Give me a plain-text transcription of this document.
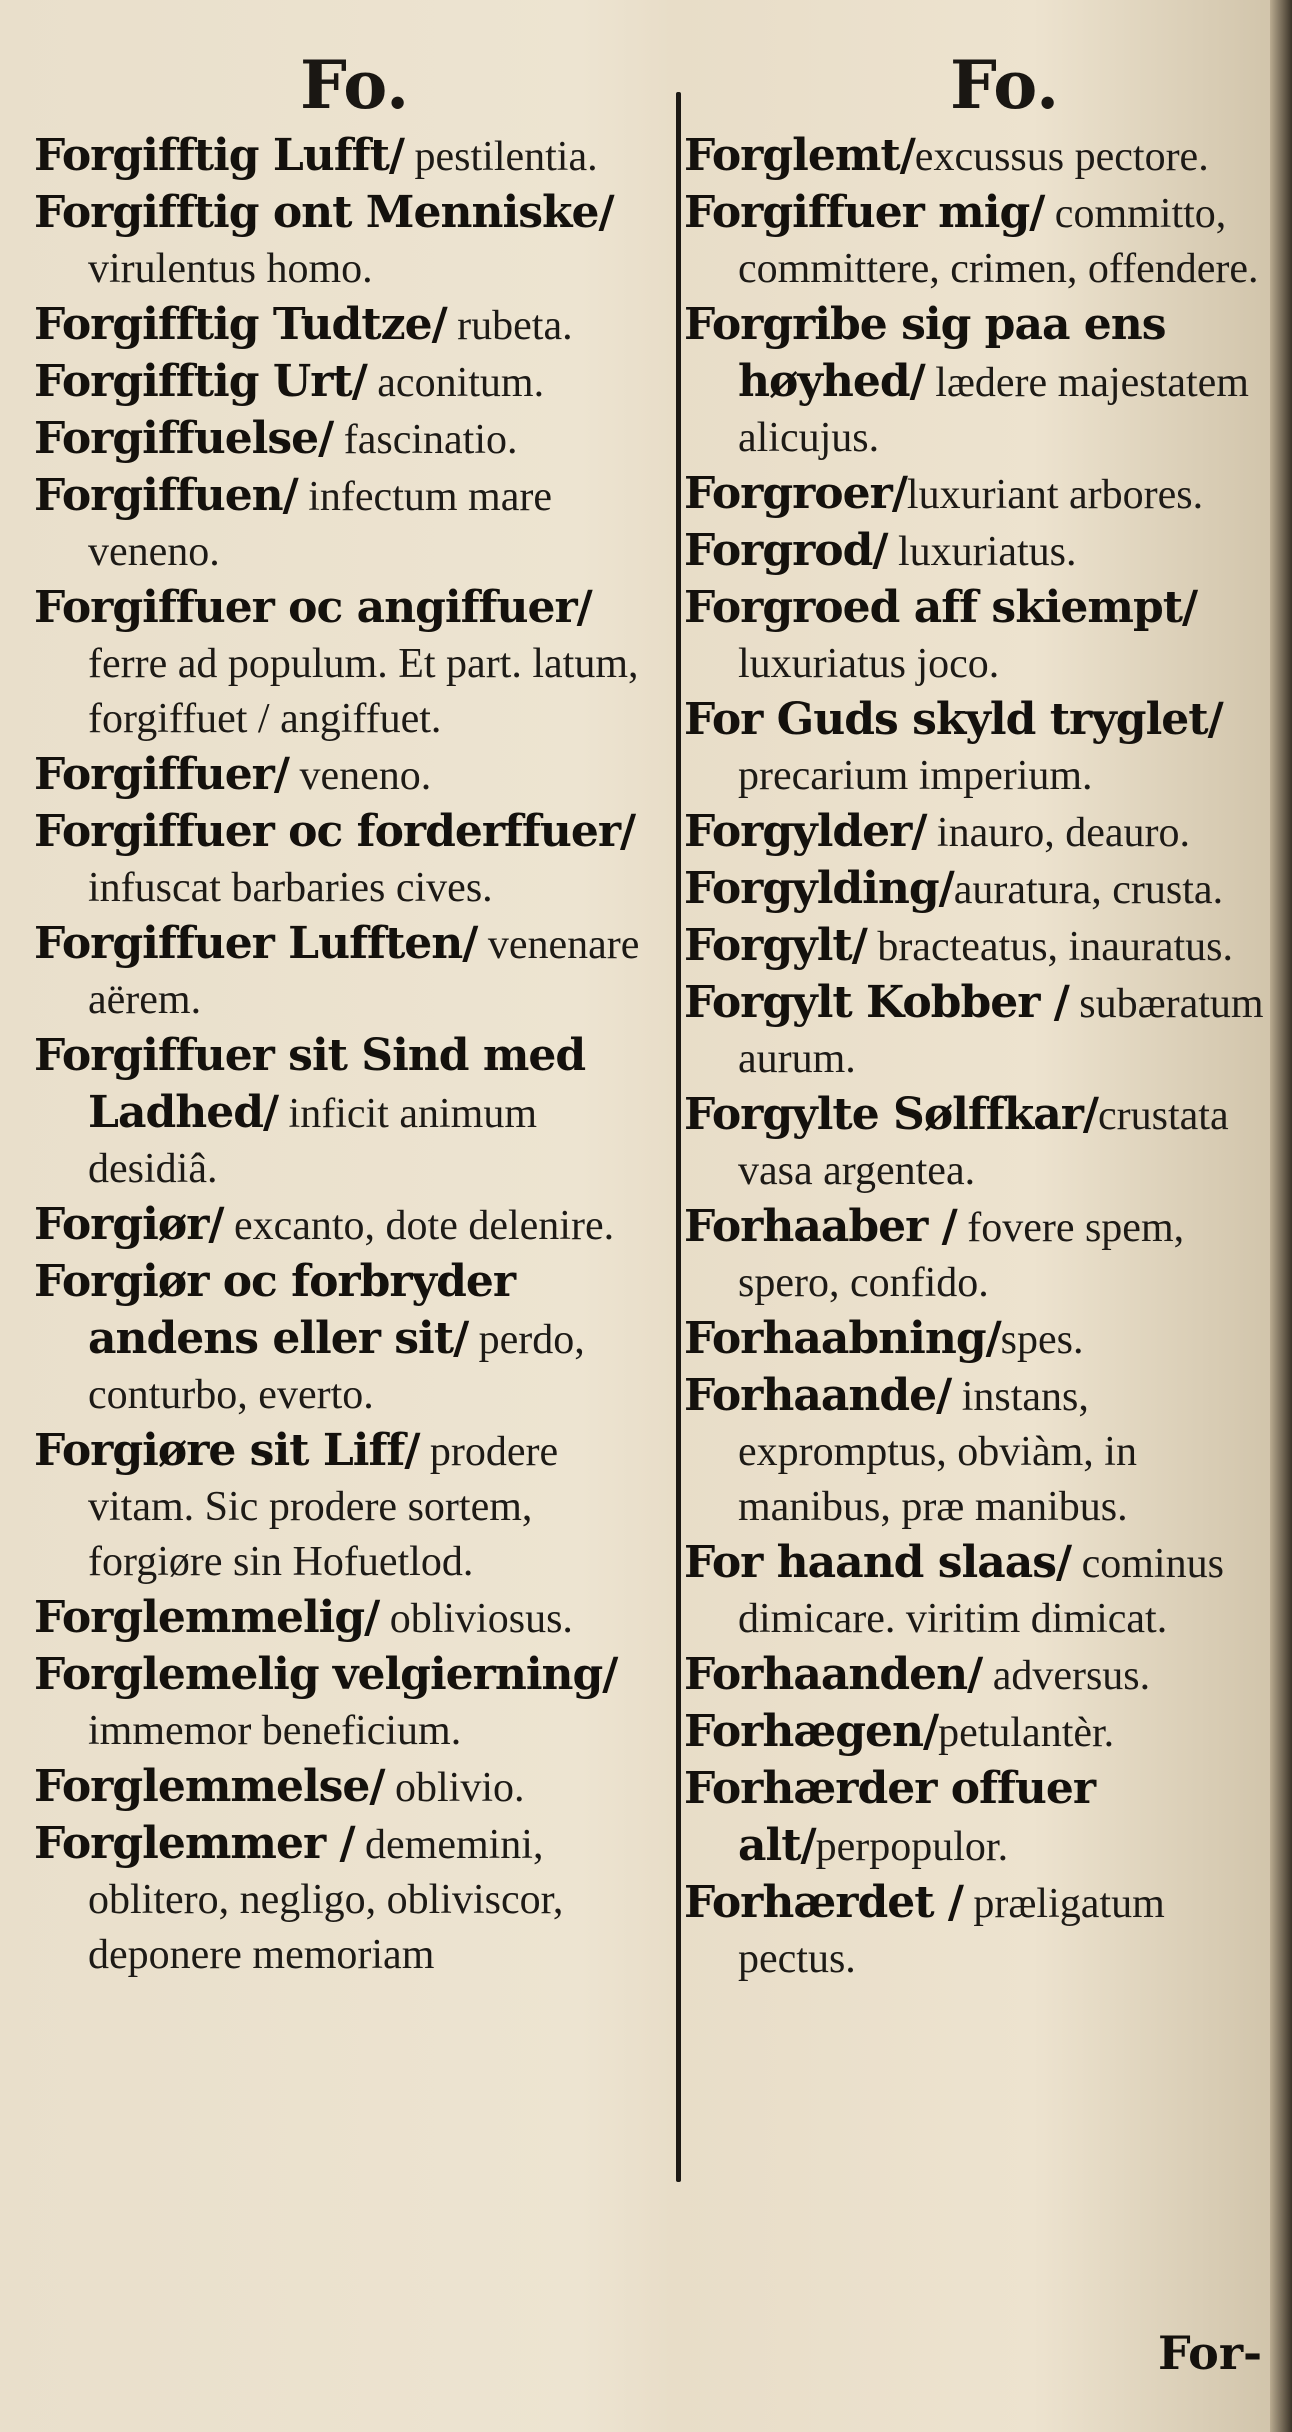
Fo.	Fo.
Forgifftig Lufft/ pestilentia.
Forgifftig ont Menniske/ virulentus homo.
Forgifftig Tudtze/ rubeta.
Forgifftig Urt/ aconitum.
Forgiffuelse/ fascinatio.
Forgiffuen/ infectum mare veneno.
Forgiffuer oc angiffuer/ ferre ad populum. Et part. latum, forgiffuet / angiffuet.
Forgiffuer/ veneno.
Forgiffuer oc forderffuer/ infuscat barbaries cives.
Forgiffuer Lufften/ venenare aërem.
Forgiffuer sit Sind med Ladhed/ inficit animum desidiâ.
Forgiør/ excanto, dote delenire.
Forgiør oc forbryder andens eller sit/ perdo, conturbo, everto.
Forgiøre sit Liff/ prodere vitam. Sic prodere sortem, forgiøre sin Hofuetlod.
Forglemmelig/ obliviosus.
Forglemelig velgierning/ immemor beneficium.
Forglemmelse/ oblivio.
Forglemmer / dememini, oblitero, negligo, obliviscor, deponere memoriam
Forglemt/excussus pectore.
Forgiffuer mig/ committo, committere, crimen, offendere.
Forgribe sig paa ens høyhed/ lædere majestatem alicujus.
Forgroer/luxuriant arbores.
Forgrod/ luxuriatus.
Forgroed aff skiempt/ luxuriatus joco.
For Guds skyld tryglet/ precarium imperium.
Forgylder/ inauro, deauro.
Forgylding/auratura, crusta.
Forgylt/ bracteatus, inauratus.
Forgylt Kobber / subæratum aurum.
Forgylte Sølffkar/crustata vasa argentea.
Forhaaber / fovere spem, spero, confido.
Forhaabning/spes.
Forhaande/ instans, expromptus, obviàm, in manibus, præ manibus.
For haand slaas/ cominus dimicare. viritim dimicat.
Forhaanden/ adversus.
Forhægen/petulantèr.
Forhærder offuer alt/perpopulor.
Forhærdet / præligatum pectus.
For-
